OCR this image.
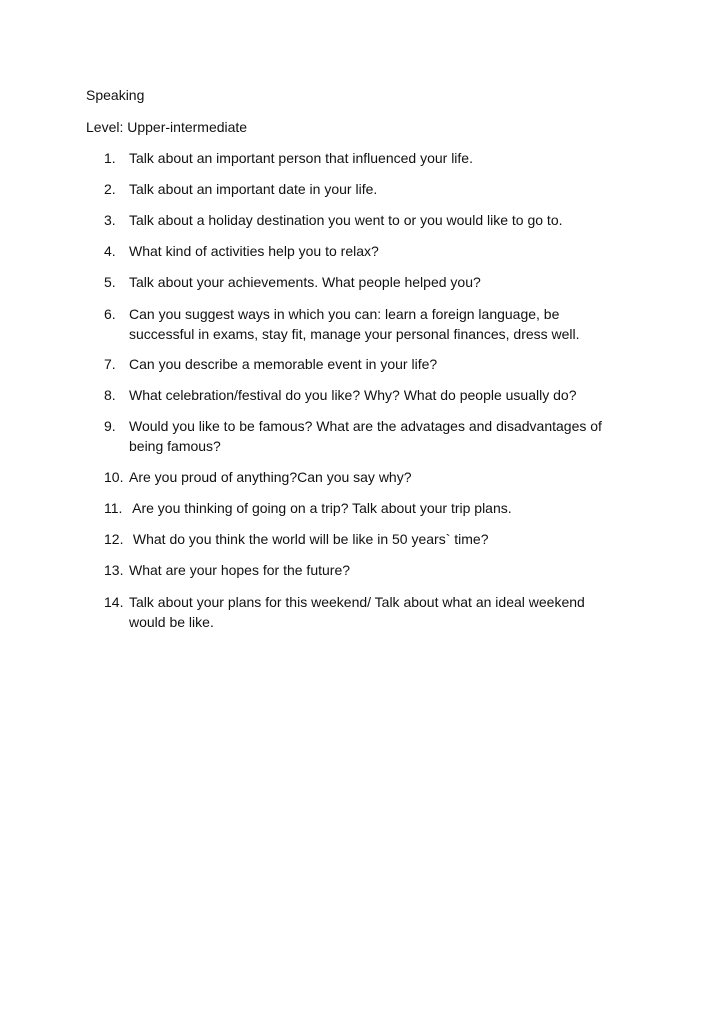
Speaking
Level: Upper-intermediate
1. Talk about an important person that influenced your life.
2. Talk about an important date in your life.
3. Talk about a holiday destination you went to or you would like to go to.
4. What kind of activities help you to relax?
5. Talk about your achievements. What people helped you?
6. Can you suggest ways in which you can: learn a foreign language, be successful in exams, stay fit, manage your personal finances, dress well.
7. Can you describe a memorable event in your life?
8. What celebration/festival do you like? Why? What do people usually do?
9. Would you like to be famous? What are the advatages and disadvantages of being famous?
10. Are you proud of anything?Can you say why?
11. Are you thinking of going on a trip? Talk about your trip plans.
12. What do you think the world will be like in 50 years` time?
13. What are your hopes for the future?
14. Talk about your plans for this weekend/ Talk about what an ideal weekend would be like.
